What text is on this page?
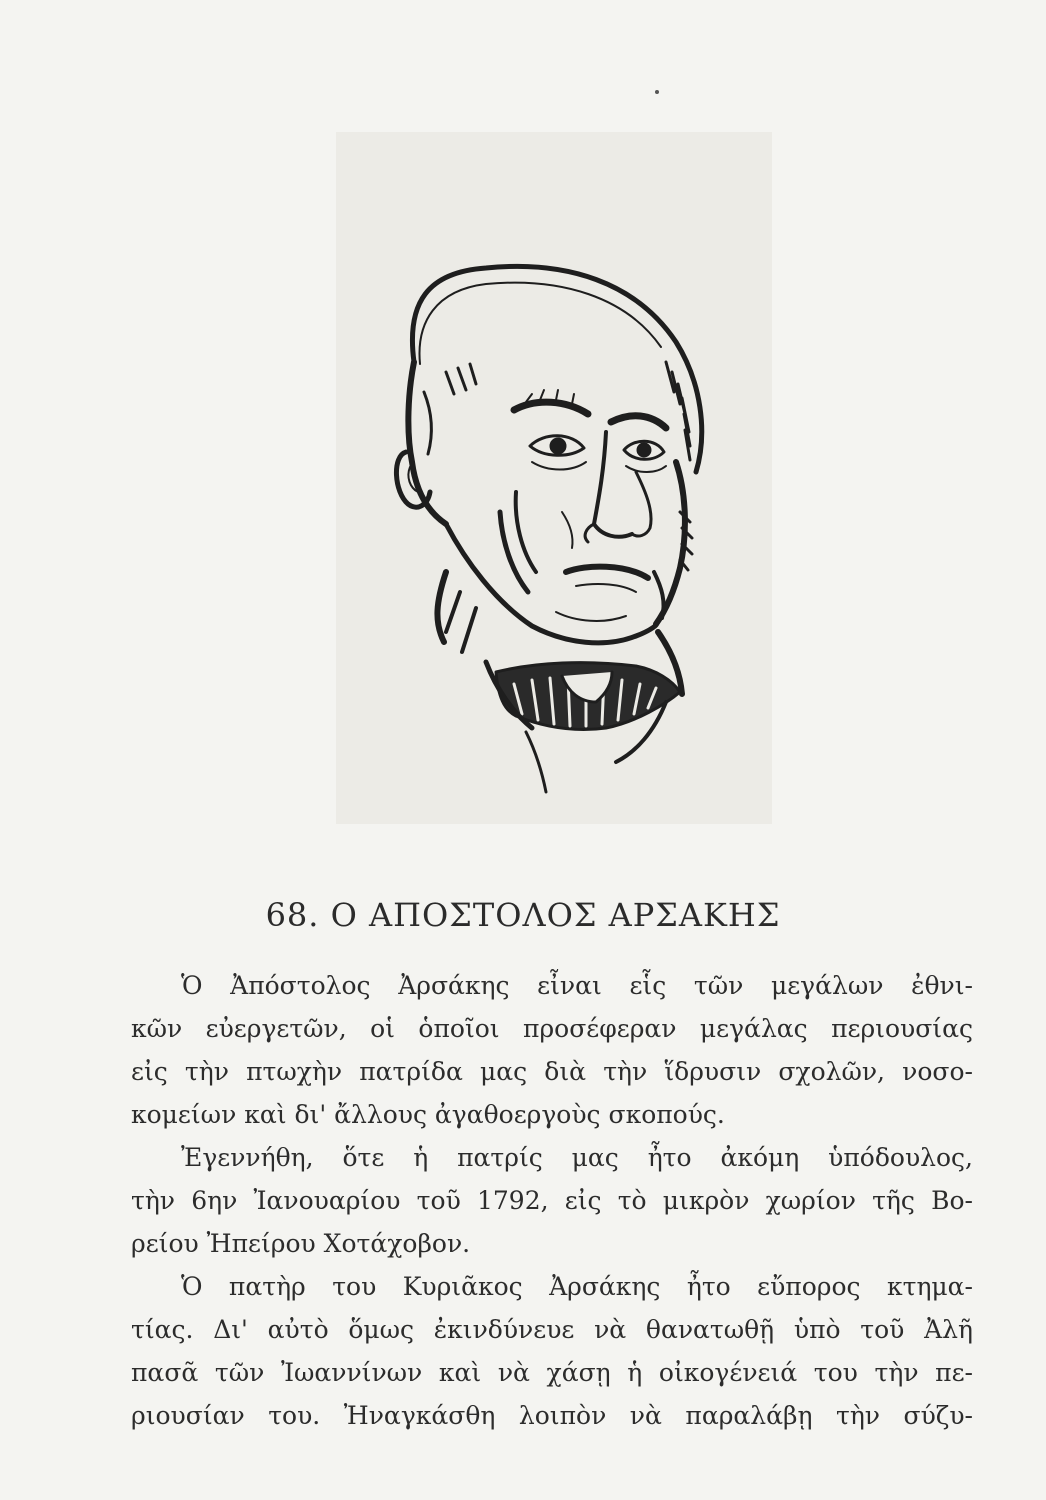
68. Ο ΑΠΟΣΤΟΛΟΣ ΑΡΣΑΚΗΣ
Ὁ Ἀπόστολος Ἀρσάκης εἶναι εἷς τῶν μεγάλων ἐθνι-
κῶν εὐεργετῶν, οἱ ὁποῖοι προσέφεραν μεγάλας περιουσίας
εἰς τὴν πτωχὴν πατρίδα μας διὰ τὴν ἵδρυσιν σχολῶν, νοσο-
κομείων καὶ δι' ἄλλους ἀγαθοεργοὺς σκοπούς.
Ἐγεννήθη, ὅτε ἡ πατρίς μας ἦτο ἀκόμη ὑπόδουλος,
τὴν 6ην Ἰανουαρίου τοῦ 1792, εἰς τὸ μικρὸν χωρίον τῆς Βο-
ρείου Ἠπείρου Χοτάχοβον.
Ὁ πατὴρ του Κυριᾶκος Ἀρσάκης ἦτο εὔπορος κτημα-
τίας. Δι' αὐτὸ ὅμως ἐκινδύνευε νὰ θανατωθῇ ὑπὸ τοῦ Ἀλῆ
πασᾶ τῶν Ἰωαννίνων καὶ νὰ χάσῃ ἡ οἰκογένειά του τὴν πε-
ριουσίαν του. Ἠναγκάσθη λοιπὸν νὰ παραλάβῃ τὴν σύζυ-
